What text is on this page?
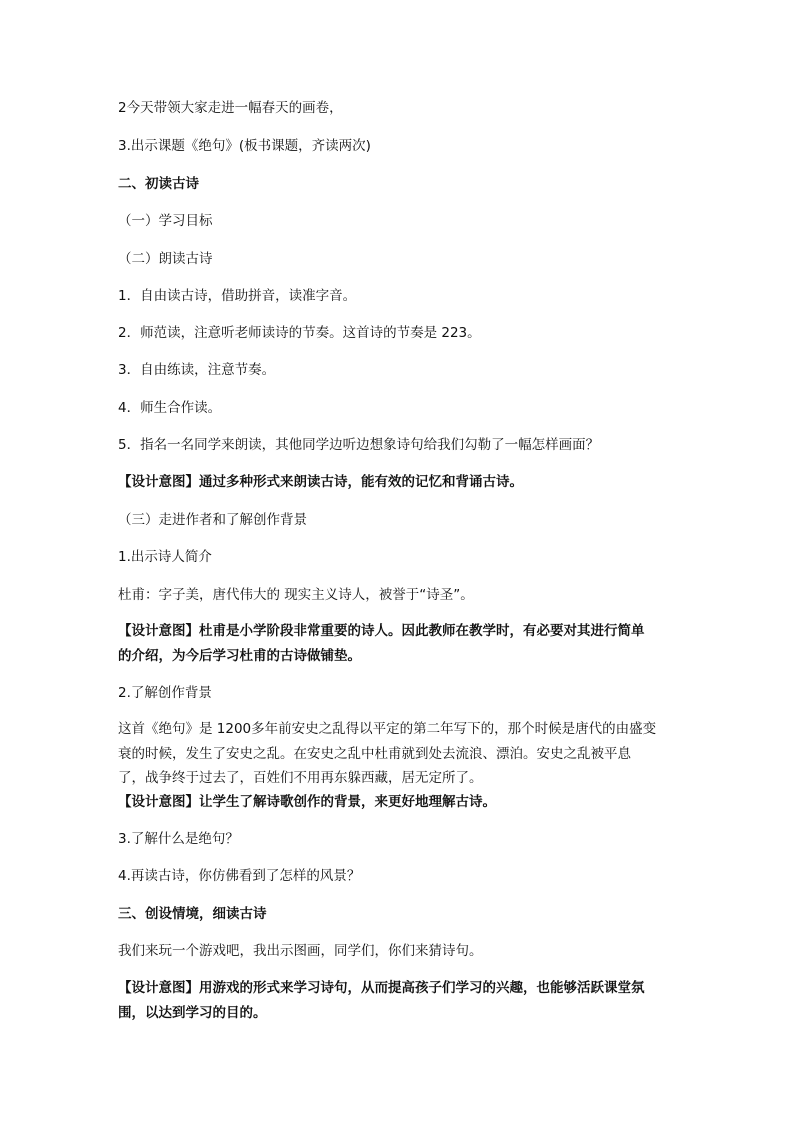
2今天带领大家走进一幅春天的画卷，
3.出示课题《绝句》(板书课题，齐读两次)
二、初读古诗
（一）学习目标
（二）朗读古诗
1．自由读古诗，借助拼音，读准字音。
2．师范读，注意听老师读诗的节奏。这首诗的节奏是 223。
3．自由练读，注意节奏。
4．师生合作读。
5．指名一名同学来朗读，其他同学边听边想象诗句给我们勾勒了一幅怎样画面？
【设计意图】通过多种形式来朗读古诗，能有效的记忆和背诵古诗。
（三）走进作者和了解创作背景
1.出示诗人简介
杜甫：字子美，唐代伟大的 现实主义诗人，被誉于“诗圣”。
【设计意图】杜甫是小学阶段非常重要的诗人。因此教师在教学时，有必要对其进行简单
的介绍，为今后学习杜甫的古诗做铺垫。
2.了解创作背景
这首《绝句》是 1200多年前安史之乱得以平定的第二年写下的，那个时候是唐代的由盛变
衰的时候，发生了安史之乱。在安史之乱中杜甫就到处去流浪、漂泊。安史之乱被平息
了，战争终于过去了，百姓们不用再东躲西藏，居无定所了。
【设计意图】让学生了解诗歌创作的背景，来更好地理解古诗。
3.了解什么是绝句？
4.再读古诗，你仿佛看到了怎样的风景？
三、创设情境，细读古诗
我们来玩一个游戏吧，我出示图画，同学们，你们来猜诗句。
【设计意图】用游戏的形式来学习诗句，从而提高孩子们学习的兴趣，也能够活跃课堂氛
围，以达到学习的目的。
